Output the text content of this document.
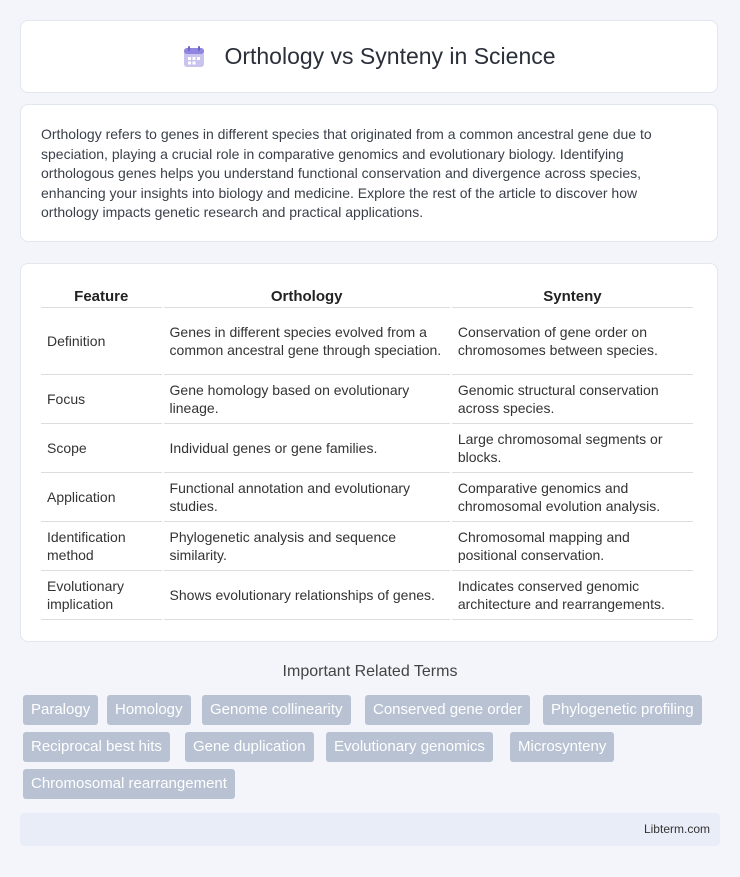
Orthology vs Synteny in Science

Orthology refers to genes in different species that originated from a common ancestral gene due to speciation, playing a crucial role in comparative genomics and evolutionary biology. Identifying orthologous genes helps you understand functional conservation and divergence across species, enhancing your insights into biology and medicine. Explore the rest of the article to discover how orthology impacts genetic research and practical applications.

Feature	Orthology	Synteny
Definition	Genes in different species evolved from a common ancestral gene through speciation.	Conservation of gene order on chromosomes between species.
Focus	Gene homology based on evolutionary lineage.	Genomic structural conservation across species.
Scope	Individual genes or gene families.	Large chromosomal segments or blocks.
Application	Functional annotation and evolutionary studies.	Comparative genomics and chromosomal evolution analysis.
Identification method	Phylogenetic analysis and sequence similarity.	Chromosomal mapping and positional conservation.
Evolutionary implication	Shows evolutionary relationships of genes.	Indicates conserved genomic architecture and rearrangements.
Important Related Terms
Paralogy	Homology	Genome collinearity	Conserved gene order	Phylogenetic profiling
Reciprocal best hits	Gene duplication	Evolutionary genomics	Microsynteny
Chromosomal rearrangement
Libterm.com
